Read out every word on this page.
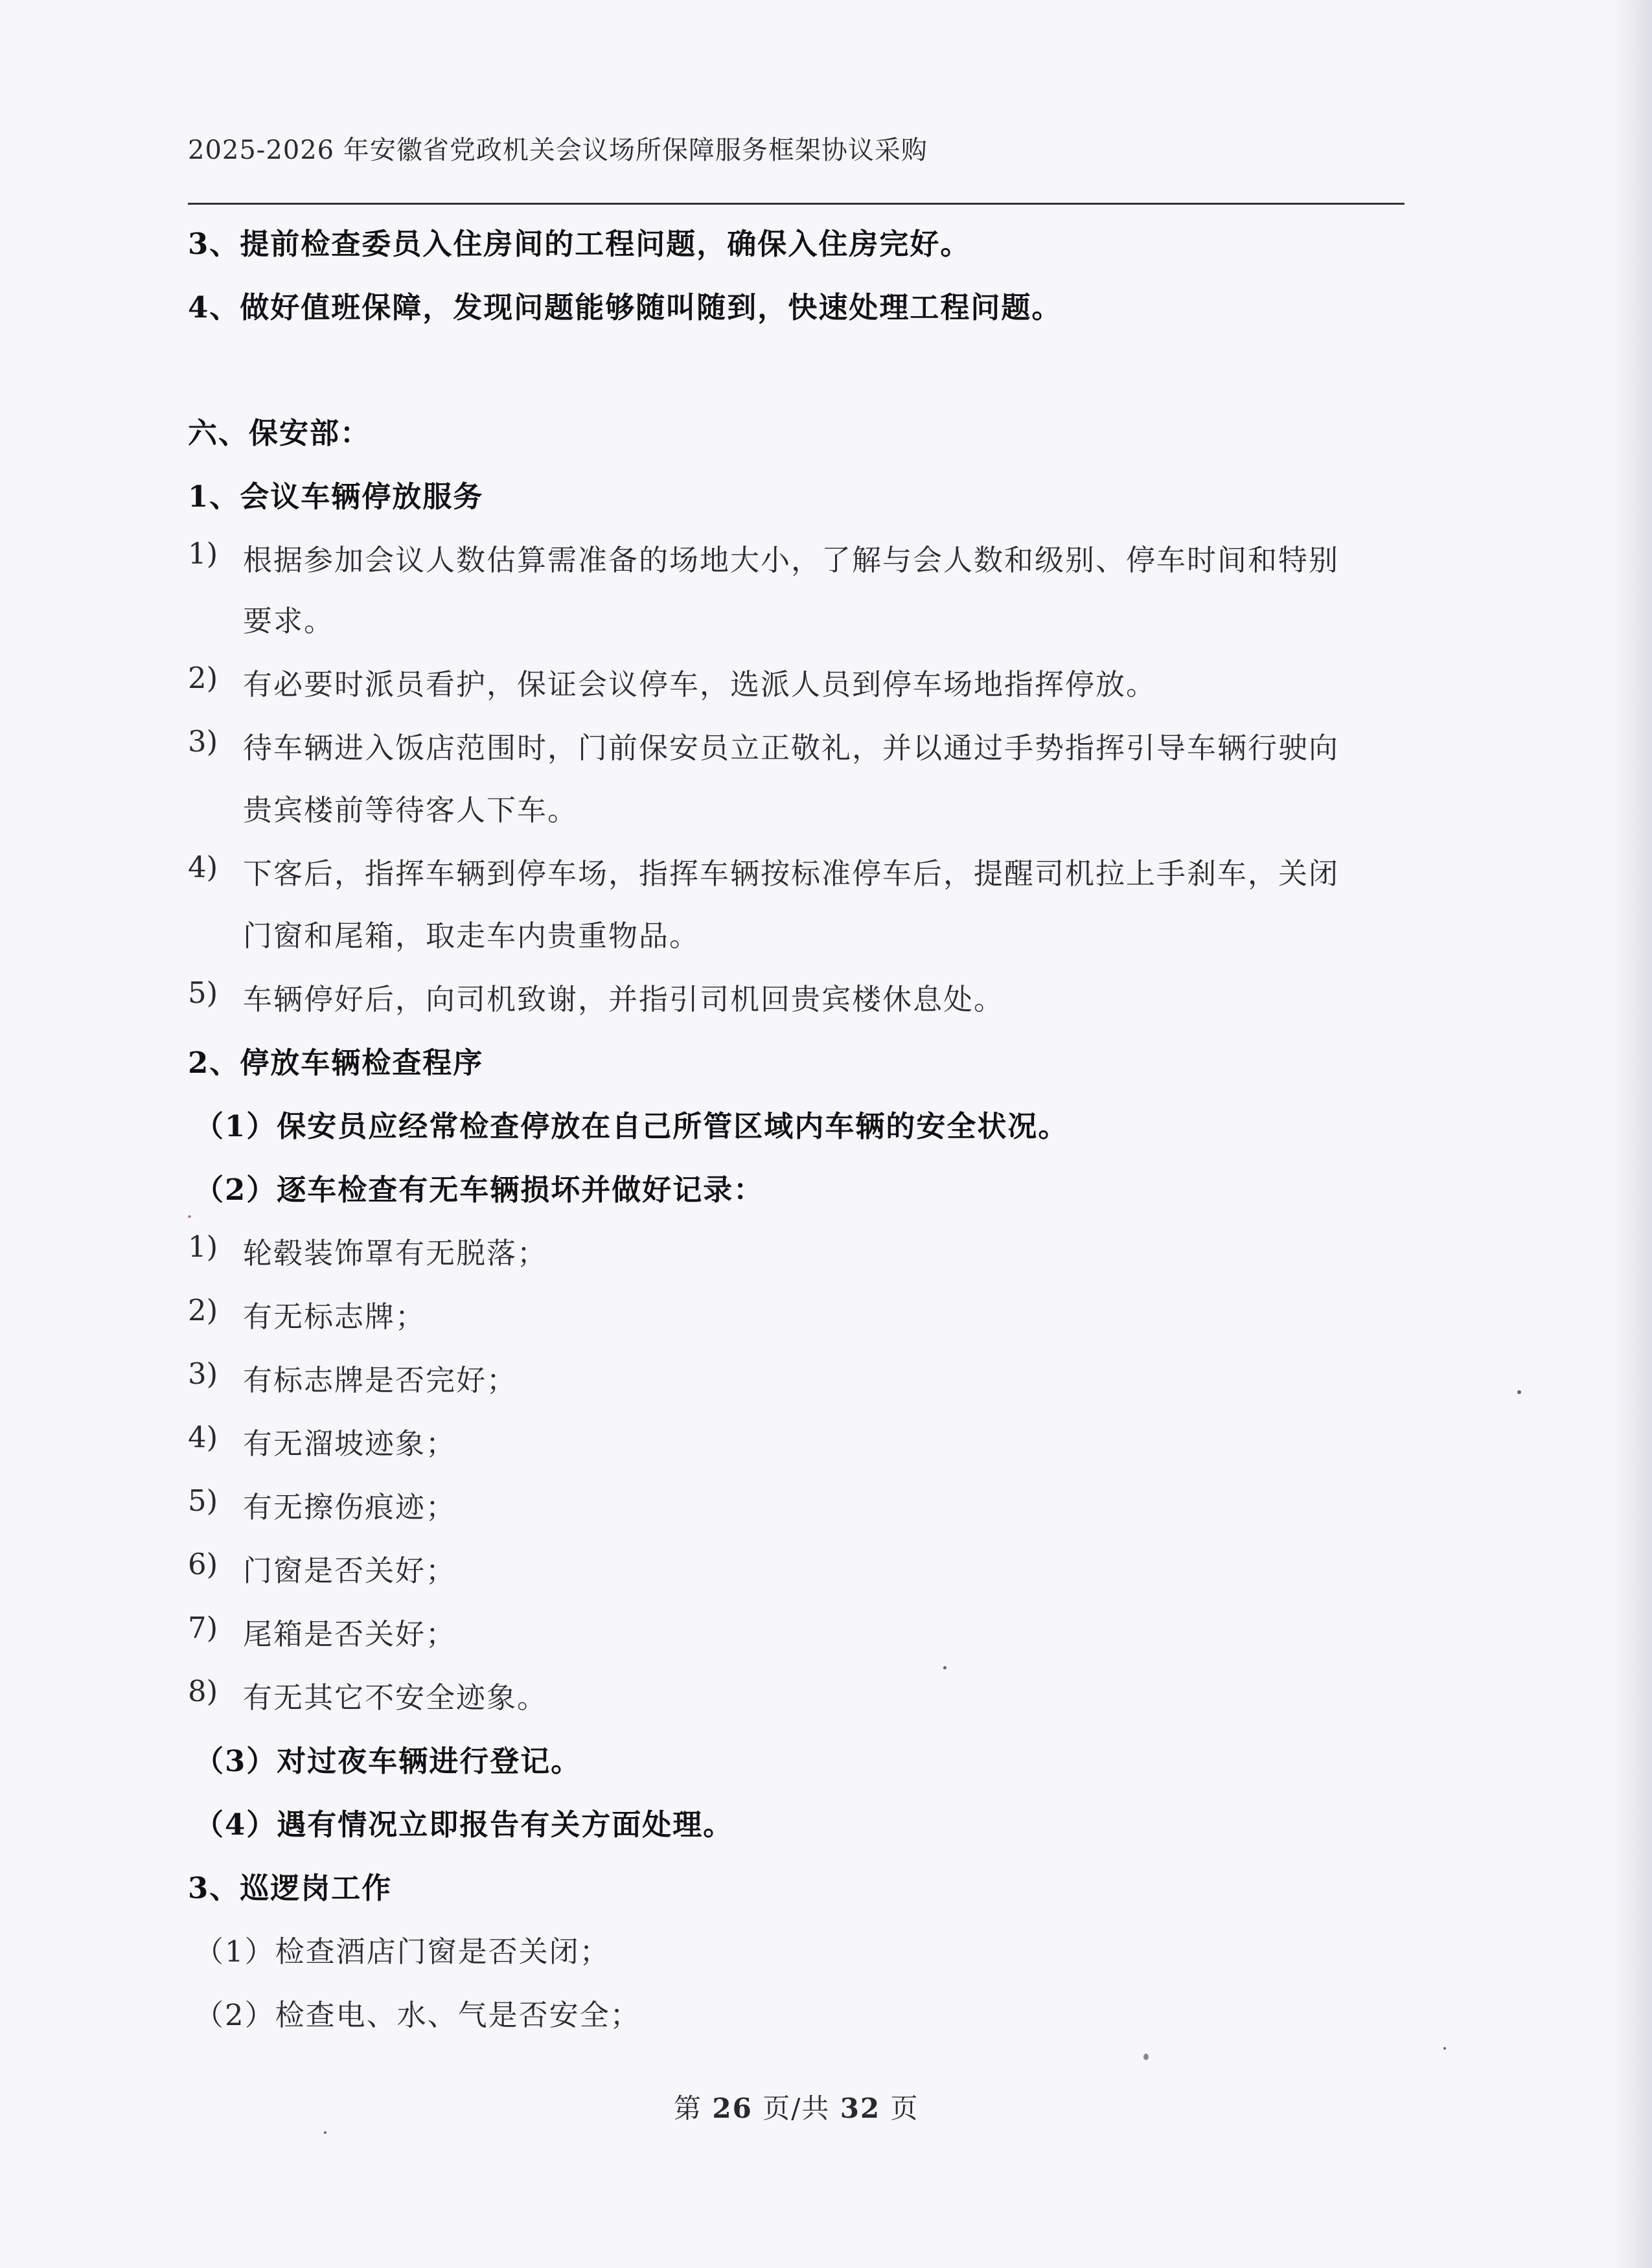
2025-2026 年安徽省党政机关会议场所保障服务框架协议采购
3、提前检查委员入住房间的工程问题，确保入住房完好。
4、做好值班保障，发现问题能够随叫随到，快速处理工程问题。
六、保安部：
1、会议车辆停放服务
1) 根据参加会议人数估算需准备的场地大小，了解与会人数和级别、停车时间和特别
要求。
2) 有必要时派员看护，保证会议停车，选派人员到停车场地指挥停放。
3) 待车辆进入饭店范围时，门前保安员立正敬礼，并以通过手势指挥引导车辆行驶向
贵宾楼前等待客人下车。
4) 下客后，指挥车辆到停车场，指挥车辆按标准停车后，提醒司机拉上手刹车，关闭
门窗和尾箱，取走车内贵重物品。
5) 车辆停好后，向司机致谢，并指引司机回贵宾楼休息处。
2、停放车辆检查程序
（1）保安员应经常检查停放在自己所管区域内车辆的安全状况。
（2）逐车检查有无车辆损坏并做好记录：
1) 轮毂装饰罩有无脱落；
2) 有无标志牌；
3) 有标志牌是否完好；
4) 有无溜坡迹象；
5) 有无擦伤痕迹；
6) 门窗是否关好；
7) 尾箱是否关好；
8) 有无其它不安全迹象。
（3）对过夜车辆进行登记。
（4）遇有情况立即报告有关方面处理。
3、巡逻岗工作
（1）检查酒店门窗是否关闭；
（2）检查电、水、气是否安全；
第 26 页/共 32 页
